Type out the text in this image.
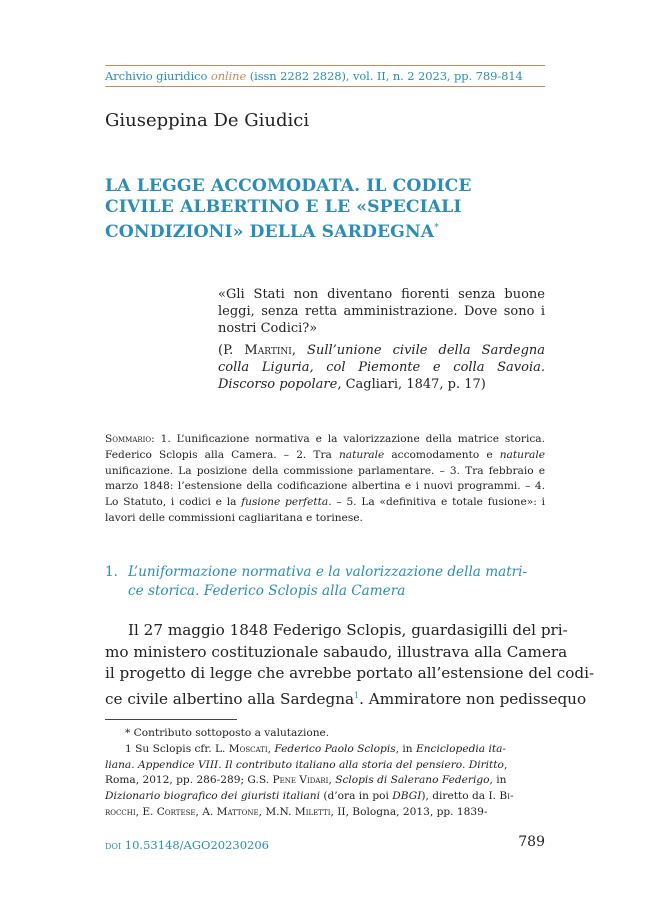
Archivio giuridico online (issn 2282 2828), vol. II, n. 2 2023, pp. 789-814
Giuseppina De Giudici
LA LEGGE ACCOMODATA. IL CODICE
CIVILE ALBERTINO E LE «SPECIALI
CONDIZIONI» DELLA SARDEGNA*

«Gli Stati non diventano fiorenti senza buone leggi, senza retta amministrazione. Dove sono i nostri Codici?»

(P. Martini, Sull’unione civile della Sardegna colla Liguria, col Piemonte e colla Savoia. Discorso popolare, Cagliari, 1847, p. 17)

Sommario: 1. L’unificazione normativa e la valorizzazione della matrice storica. Federico Sclopis alla Camera. – 2. Tra naturale accomodamento e naturale unificazione. La posizione della commissione parlamentare. – 3. Tra febbraio e marzo 1848: l’estensione della codificazione albertina e i nuovi programmi. – 4. Lo Statuto, i codici e la fusione perfetta. – 5. La «definitiva e totale fusione»: i lavori delle commissioni cagliaritana e torinese.

1. L’uniformazione normativa e la valorizzazione della matri-
ce storica. Federico Sclopis alla Camera
Il 27 maggio 1848 Federigo Sclopis, guardasigilli del pri-
mo ministero costituzionale sabaudo, illustrava alla Camera
il progetto di legge che avrebbe portato all’estensione del codi-
ce civile albertino alla Sardegna$^1$. Ammiratore non pedissequo
* Contributo sottoposto a valutazione.
1 Su Sclopis cfr. L. Moscati, Federico Paolo Sclopis, in Enciclopedia ita-
liana. Appendice VIII. Il contributo italiano alla storia del pensiero. Diritto,
Roma, 2012, pp. 286-289; G.S. Pene Vidari, Sclopis di Salerano Federigo, in
Dizionario biografico dei giuristi italiani (d’ora in poi DBGI), diretto da I. Bi-
rocchi, E. Cortese, A. Mattone, M.N. Miletti, II, Bologna, 2013, pp. 1839-
doi 10.53148/AGO20230206	789
